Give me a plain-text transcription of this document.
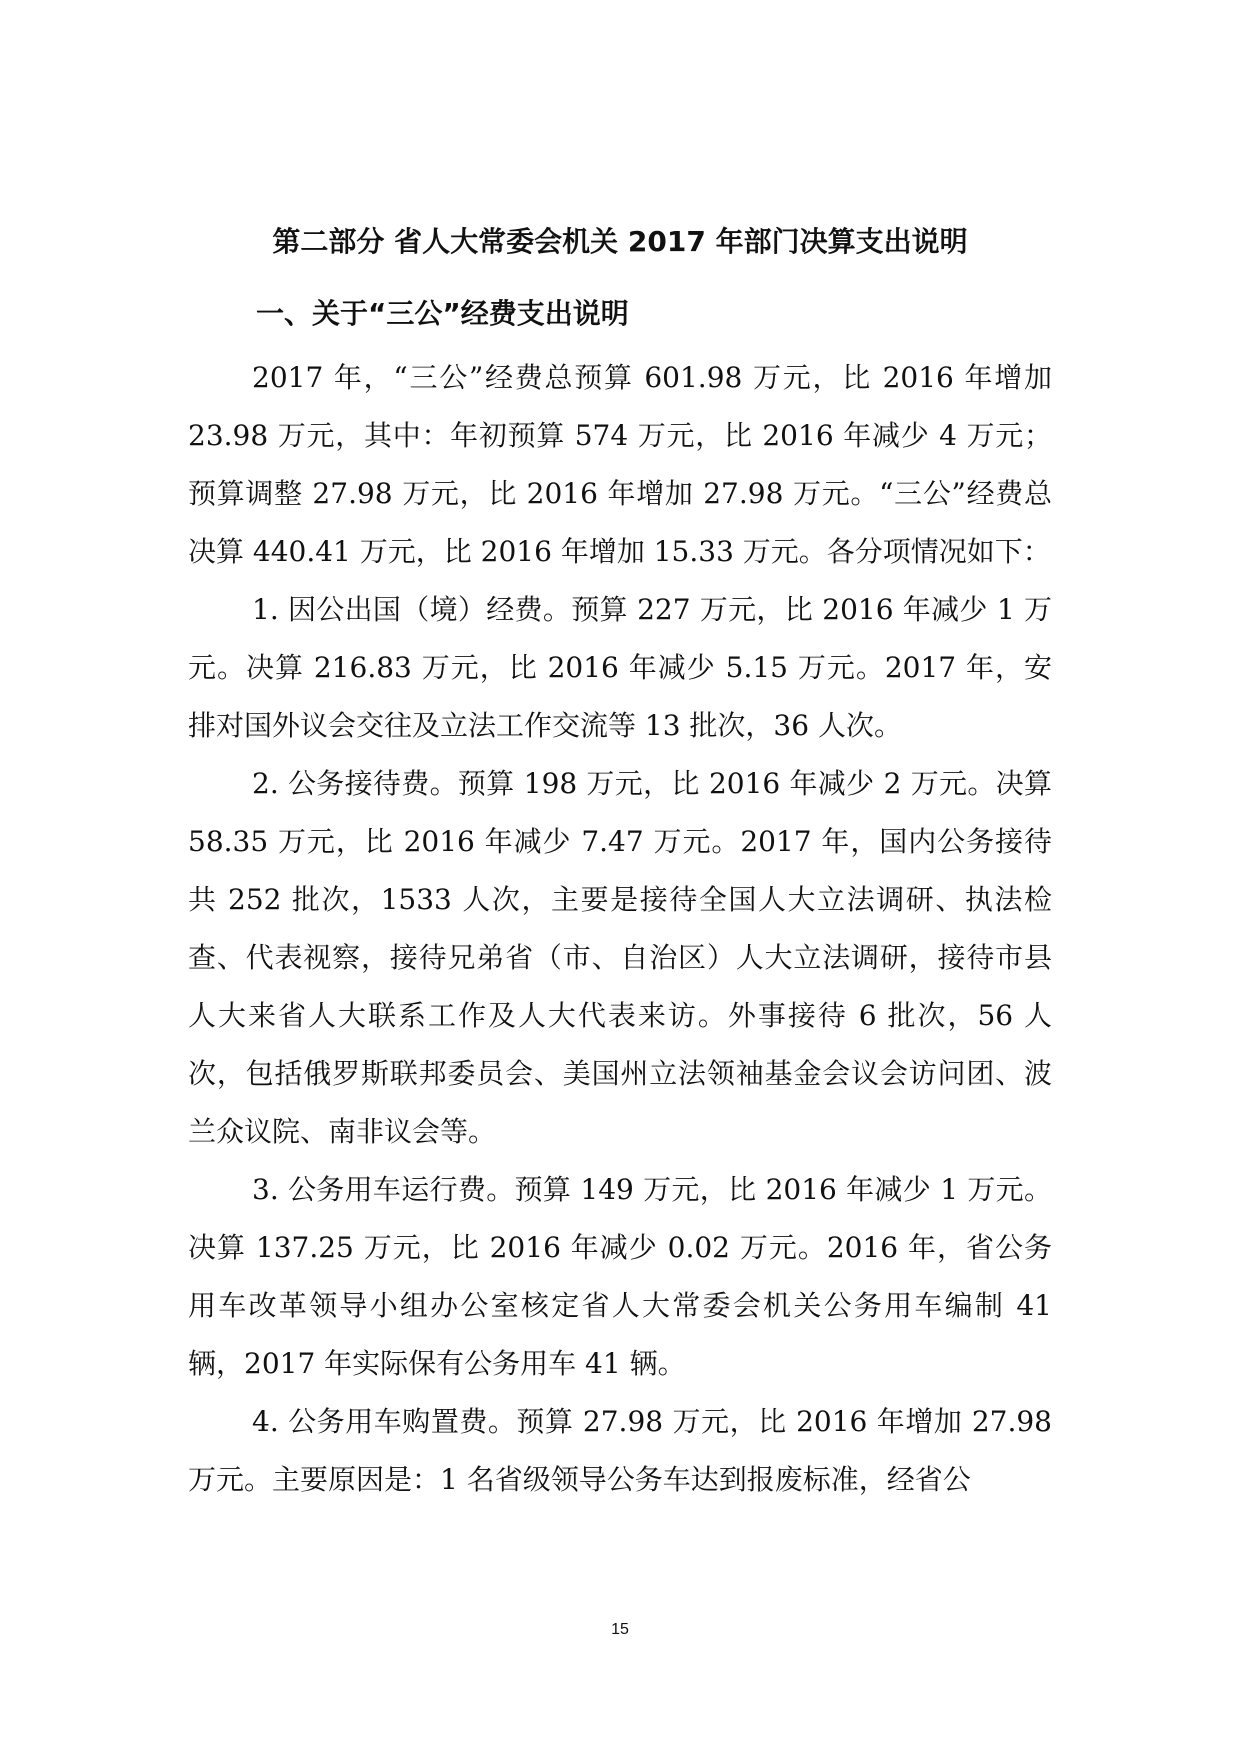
第二部分 省人大常委会机关 2017 年部门决算支出说明
一、关于“三公”经费支出说明

2017 年，“三公”经费总预算 601.98 万元，比 2016 年增加 23.98 万元，其中：年初预算 574 万元，比 2016 年减少 4 万元；预算调整 27.98 万元，比 2016 年增加 27.98 万元。“三公”经费总决算 440.41 万元，比 2016 年增加 15.33 万元。各分项情况如下：

1. 因公出国（境）经费。预算 227 万元，比 2016 年减少 1 万元。决算 216.83 万元，比 2016 年减少 5.15 万元。2017 年，安排对国外议会交往及立法工作交流等 13 批次，36 人次。

2. 公务接待费。预算 198 万元，比 2016 年减少 2 万元。决算 58.35 万元，比 2016 年减少 7.47 万元。2017 年，国内公务接待共 252 批次，1533 人次，主要是接待全国人大立法调研、执法检查、代表视察，接待兄弟省（市、自治区）人大立法调研，接待市县人大来省人大联系工作及人大代表来访。外事接待 6 批次，56 人次，包括俄罗斯联邦委员会、美国州立法领袖基金会议会访问团、波兰众议院、南非议会等。

3. 公务用车运行费。预算 149 万元，比 2016 年减少 1 万元。决算 137.25 万元，比 2016 年减少 0.02 万元。2016 年，省公务用车改革领导小组办公室核定省人大常委会机关公务用车编制 41 辆，2017 年实际保有公务用车 41 辆。

4. 公务用车购置费。预算 27.98 万元，比 2016 年增加 27.98 万元。主要原因是：1 名省级领导公务车达到报废标准，经省公

15
